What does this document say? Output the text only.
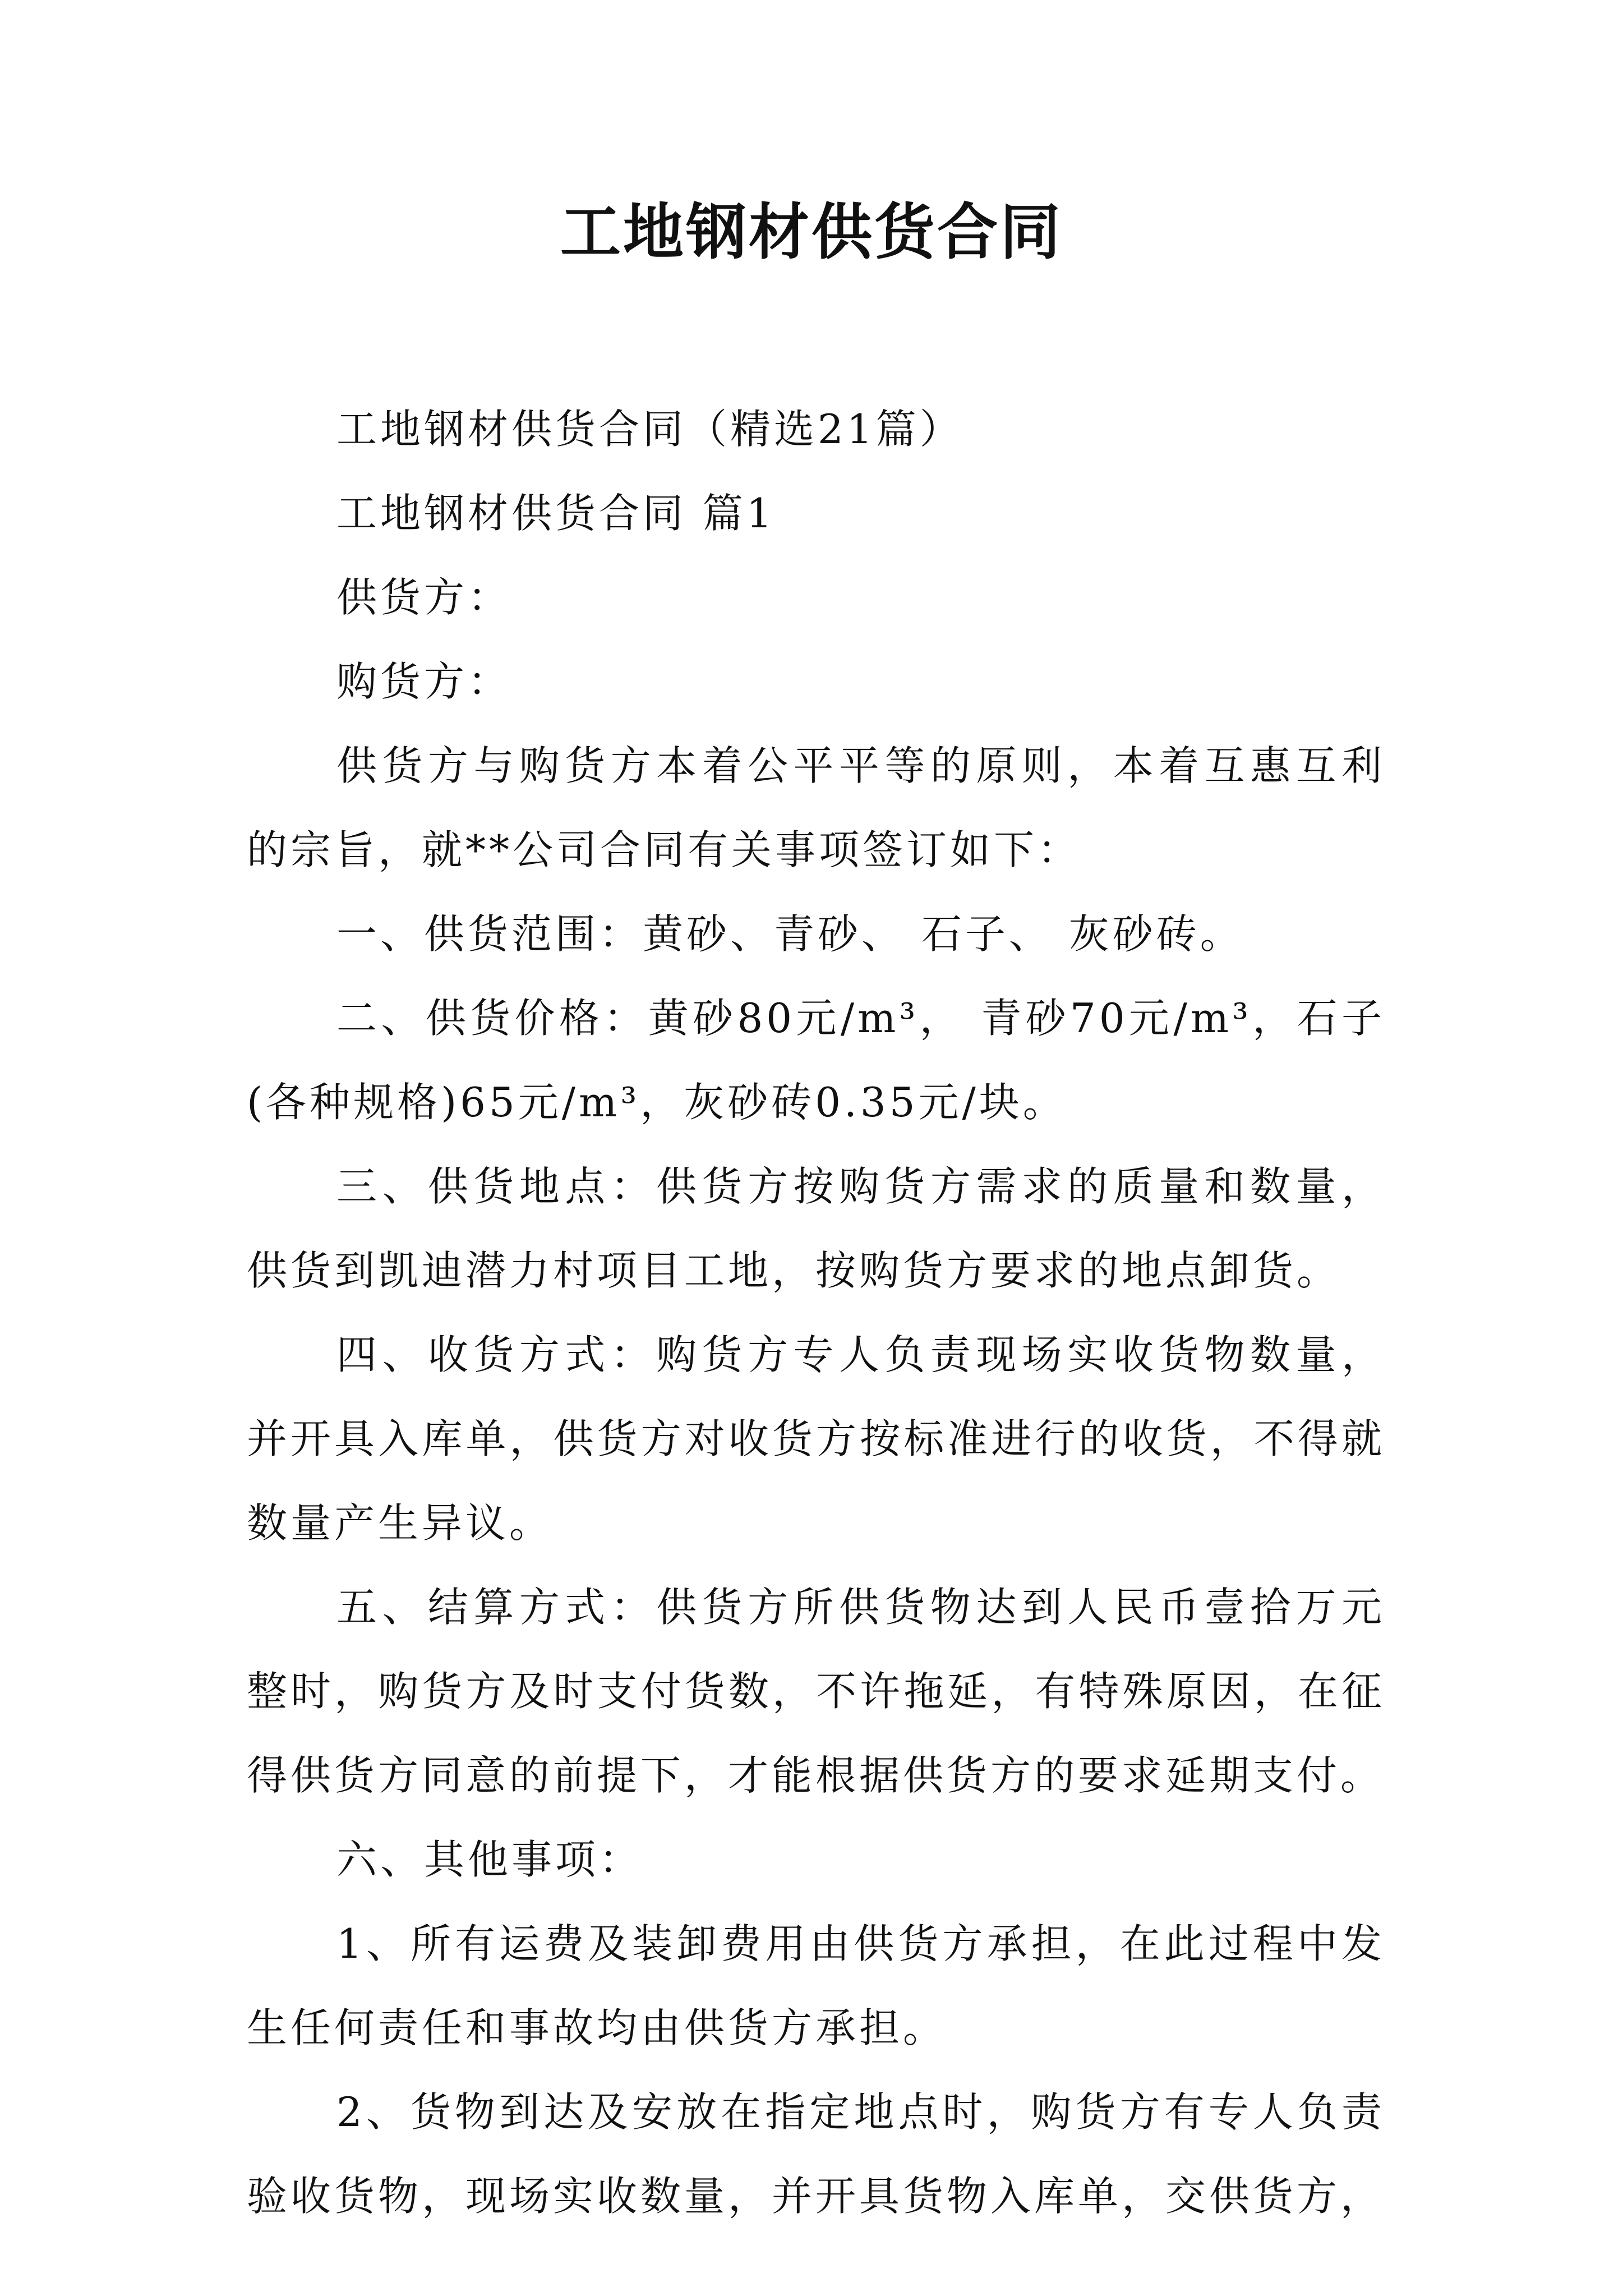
工地钢材供货合同

工地钢材供货合同（精选21篇）

工地钢材供货合同 篇1

供货方：

购货方：

供货方与购货方本着公平平等的原则，本着互惠互利的宗旨，就**公司合同有关事项签订如下：

一、供货范围：黄砂、青砂、 石子、 灰砂砖。

二、供货价格：黄砂80元/m³， 青砂70元/m³，石子(各种规格)65元/m³，灰砂砖0.35元/块。

三、供货地点：供货方按购货方需求的质量和数量，供货到凯迪潜力村项目工地，按购货方要求的地点卸货。

四、收货方式：购货方专人负责现场实收货物数量，并开具入库单，供货方对收货方按标准进行的收货，不得就数量产生异议。

五、结算方式：供货方所供货物达到人民币壹拾万元整时，购货方及时支付货数，不许拖延，有特殊原因，在征得供货方同意的前提下，才能根据供货方的要求延期支付。

六、其他事项：

1、所有运费及装卸费用由供货方承担，在此过程中发生任何责任和事故均由供货方承担。

2、货物到达及安放在指定地点时，购货方有专人负责验收货物，现场实收数量，并开具货物入库单，交供货方，
